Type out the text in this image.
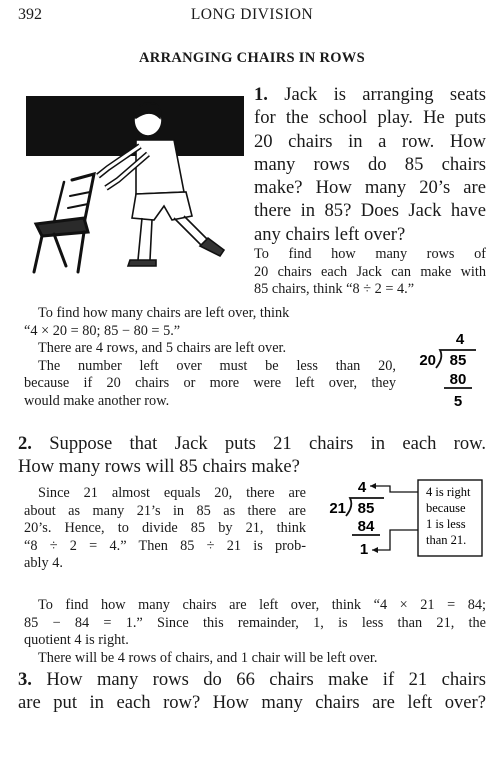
392	LONG DIVISION
ARRANGING CHAIRS IN ROWS
1. Jack is arranging seats
for the school play. He puts
20 chairs in a row. How
many rows do 85 chairs
make? How many 20’s are
there in 85? Does Jack have
any chairs left over?
To find how many rows of
20 chairs each Jack can make with
85 chairs, think “8 ÷ 2 = 4.”
To find how many chairs are left over, think
“4 × 20 = 80; 85 − 80 = 5.”
There are 4 rows, and 5 chairs are left over.
The number left over must be less than 20,
because if 20 chairs or more were left over, they
would make another row.
4
20 85
80
5
2. Suppose that Jack puts 21 chairs in each row.
How many rows will 85 chairs make?
Since 21 almost equals 20, there are
about as many 21’s in 85 as there are
20’s. Hence, to divide 85 by 21, think
“8 ÷ 2 = 4.” Then 85 ÷ 21 is prob-
ably 4.
4
21 85
84
1
4 is right
because
1 is less
than 21.
To find how many chairs are left over, think “4 × 21 = 84;
85 − 84 = 1.” Since this remainder, 1, is less than 21, the
quotient 4 is right.
There will be 4 rows of chairs, and 1 chair will be left over.
3. How many rows do 66 chairs make if 21 chairs
are put in each row? How many chairs are left over?
